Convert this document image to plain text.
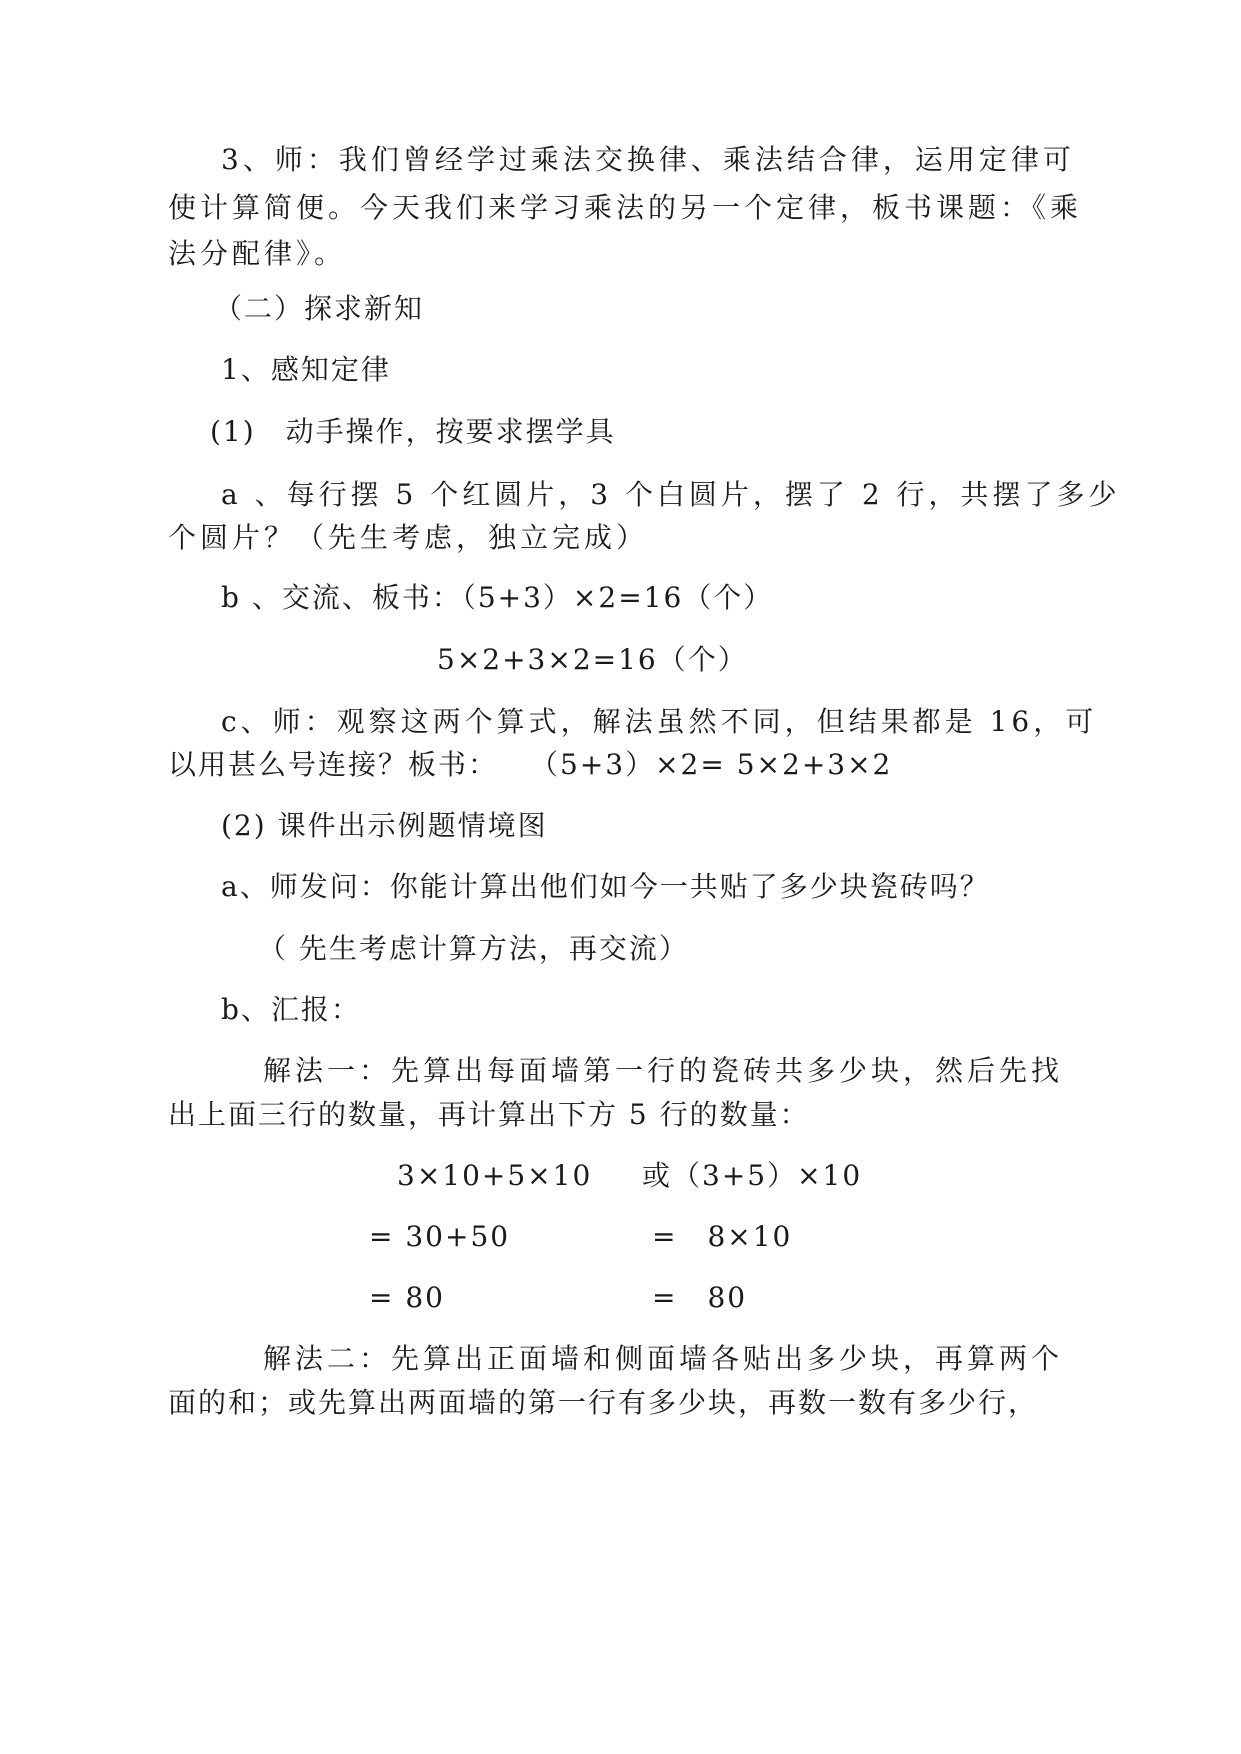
3、师：我们曾经学过乘法交换律、乘法结合律，运用定律可
使计算简便。今天我们来学习乘法的另一个定律，板书课题：《乘
法分配律》。
（二）探求新知
1、感知定律
(1)　动手操作，按要求摆学具
a 、每行摆 5 个红圆片，3 个白圆片，摆了 2 行，共摆了多少
个圆片？（先生考虑，独立完成）
b 、交流、板书：（5+3）×2=16（个）
5×2+3×2=16（个）
c、师：观察这两个算式，解法虽然不同，但结果都是 16，可
以用甚么号连接？板书：　　（5+3）×2= 5×2+3×2
(2) 课件出示例题情境图
a、师发问：你能计算出他们如今一共贴了多少块瓷砖吗？
（ 先生考虑计算方法，再交流）
b、汇报：
解法一：先算出每面墙第一行的瓷砖共多少块，然后先找
出上面三行的数量，再计算出下方 5 行的数量：
3×10+5×10 或（3+5）×10
= 30+50	=　8×10
= 80	=　80
解法二：先算出正面墙和侧面墙各贴出多少块，再算两个
面的和；或先算出两面墙的第一行有多少块，再数一数有多少行，
